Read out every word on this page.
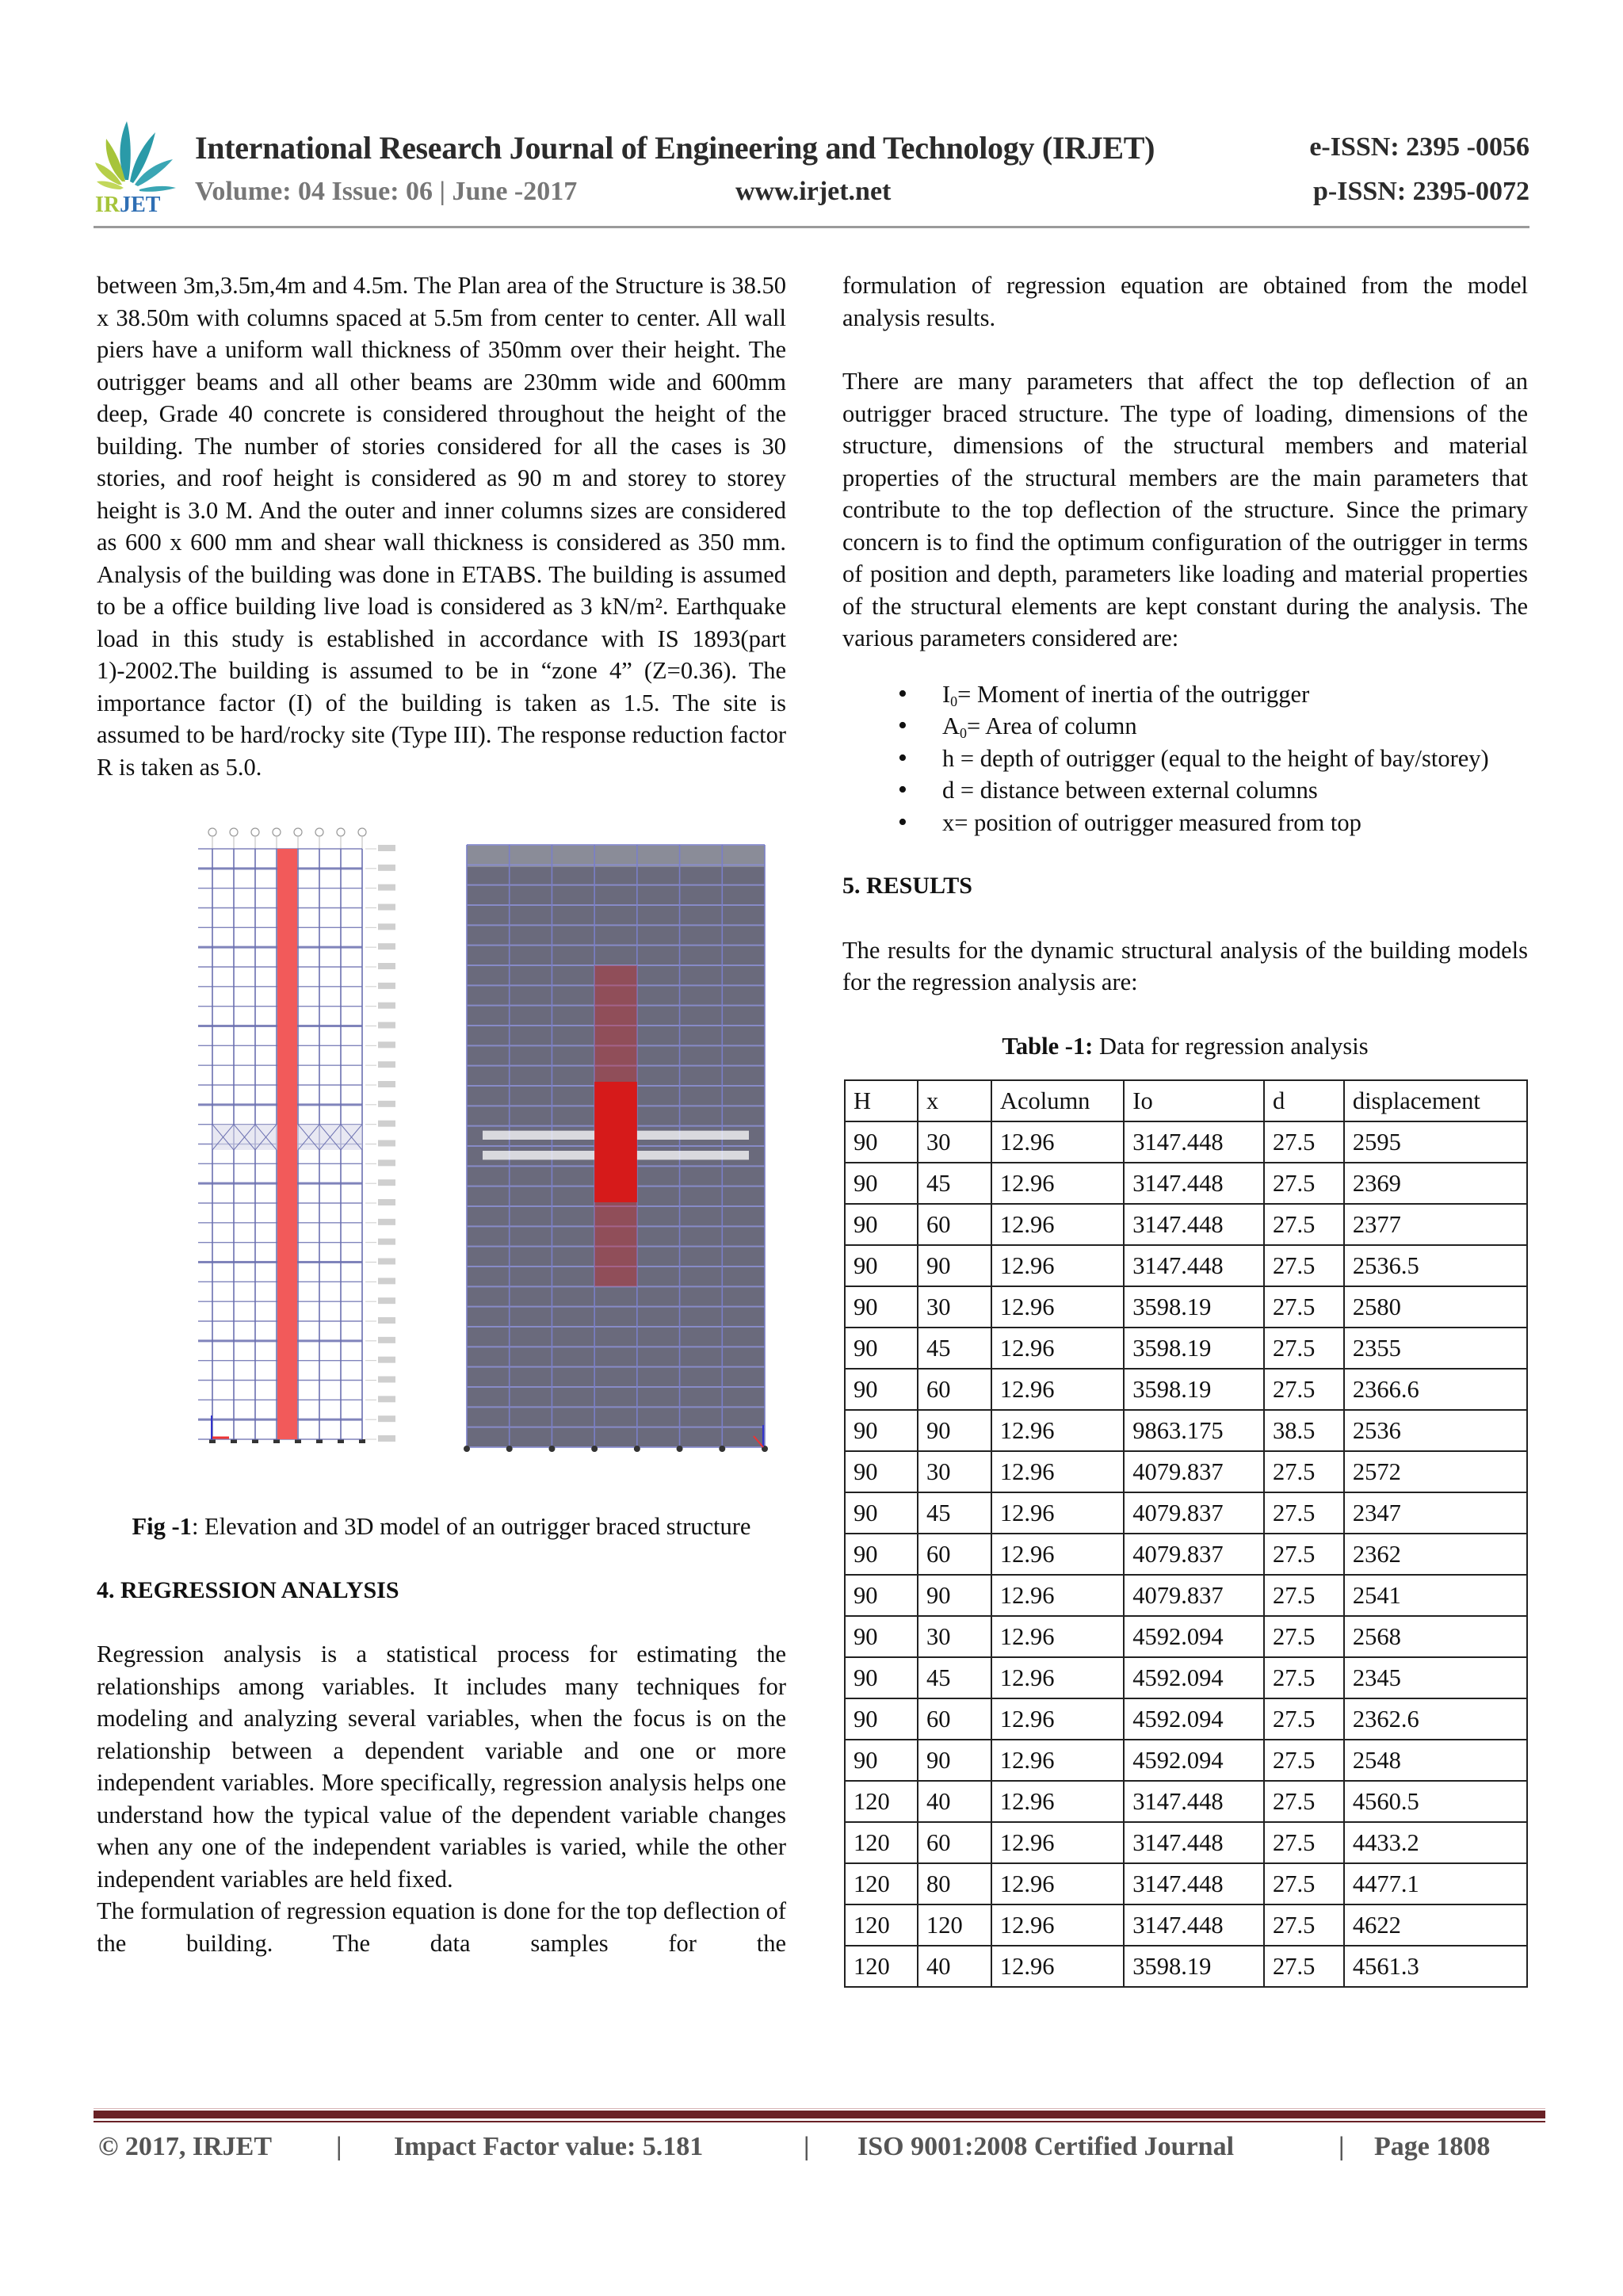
IRJET
International Research Journal of Engineering and Technology (IRJET)	e-ISSN: 2395 -0056
Volume: 04 Issue: 06 | June -2017	www.irjet.net	p-ISSN: 2395-0072

between 3m,3.5m,4m and 4.5m. The Plan area of the Structure is 38.50 x 38.50m with columns spaced at 5.5m from center to center. All wall piers have a uniform wall thickness of 350mm over their height. The outrigger beams and all other beams are 230mm wide and 600mm deep, Grade 40 concrete is considered throughout the height of the building. The number of stories considered for all the cases is 30 stories, and roof height is considered as 90 m and storey to storey height is 3.0 M. And the outer and inner columns sizes are considered as 600 x 600 mm and shear wall thickness is considered as 350 mm. Analysis of the building was done in ETABS. The building is assumed to be a office building live load is considered as 3 kN/m². Earthquake load in this study is established in accordance with IS 1893(part 1)-2002.The building is assumed to be in “zone 4” (Z=0.36). The importance factor (I) of the building is taken as 1.5. The site is assumed to be hard/rocky site (Type III). The response reduction factor R is taken as 5.0.

Fig -1: Elevation and 3D model of an outrigger braced structure

4. REGRESSION ANALYSIS

Regression analysis is a statistical process for estimating the relationships among variables. It includes many techniques for modeling and analyzing several variables, when the focus is on the relationship between a dependent variable and one or more independent variables. More specifically, regression analysis helps one understand how the typical value of the dependent variable changes when any one of the independent variables is varied, while the other independent variables are held fixed.

The formulation of regression equation is done for the top deflection of the building. The data samples for the

formulation of regression equation are obtained from the model analysis results.

There are many parameters that affect the top deflection of an outrigger braced structure. The type of loading, dimensions of the structure, dimensions of the structural members and material properties of the structural members are the main parameters that contribute to the top deflection of the structure. Since the primary concern is to find the optimum configuration of the outrigger in terms of position and depth, parameters like loading and material properties of the structural elements are kept constant during the analysis. The various parameters considered are:

• $I_0=$ Moment of inertia of the outrigger
• $A_0=$ Area of column
• h = depth of outrigger (equal to the height of bay/storey)
• d = distance between external columns
• x= position of outrigger measured from top

5. RESULTS

The results for the dynamic structural analysis of the building models for the regression analysis are:

Table -1: Data for regression analysis

H	x	Acolumn	Io	d	displacement
90	30	12.96	3147.448	27.5	2595
90	45	12.96	3147.448	27.5	2369
90	60	12.96	3147.448	27.5	2377
90	90	12.96	3147.448	27.5	2536.5
90	30	12.96	3598.19	27.5	2580
90	45	12.96	3598.19	27.5	2355
90	60	12.96	3598.19	27.5	2366.6
90	90	12.96	9863.175	38.5	2536
90	30	12.96	4079.837	27.5	2572
90	45	12.96	4079.837	27.5	2347
90	60	12.96	4079.837	27.5	2362
90	90	12.96	4079.837	27.5	2541
90	30	12.96	4592.094	27.5	2568
90	45	12.96	4592.094	27.5	2345
90	60	12.96	4592.094	27.5	2362.6
90	90	12.96	4592.094	27.5	2548
120	40	12.96	3147.448	27.5	4560.5
120	60	12.96	3147.448	27.5	4433.2
120	80	12.96	3147.448	27.5	4477.1
120	120	12.96	3147.448	27.5	4622
120	40	12.96	3598.19	27.5	4561.3
© 2017, IRJET | Impact Factor value: 5.181	| ISO 9001:2008 Certified Journal	| Page 1808
